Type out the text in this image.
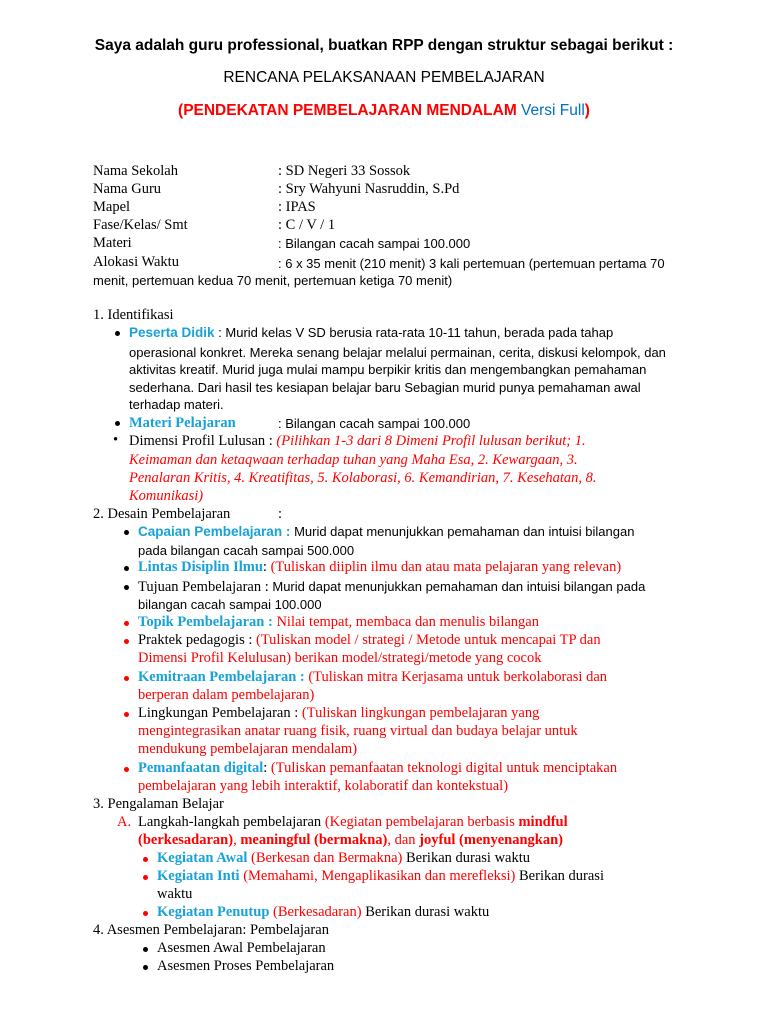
Saya adalah guru professional, buatkan RPP dengan struktur sebagai berikut :
RENCANA PELAKSANAAN PEMBELAJARAN
(PENDEKATAN PEMBELAJARAN MENDALAM Versi Full)
Nama Sekolah	: SD Negeri 33 Sossok
Nama Guru	: Sry Wahyuni Nasruddin, S.Pd
Mapel	: IPAS
Fase/Kelas/ Smt	: C / V / 1
Materi	: Bilangan cacah sampai 100.000
Alokasi Waktu	: 6 x 35 menit (210 menit) 3 kali pertemuan (pertemuan pertama 70
menit, pertemuan kedua 70 menit, pertemuan ketiga 70 menit)
1. Identifikasi
Peserta Didik : Murid kelas V SD berusia rata-rata 10-11 tahun, berada pada tahap
operasional konkret. Mereka senang belajar melalui permainan, cerita, diskusi kelompok, dan
aktivitas kreatif. Murid juga mulai mampu berpikir kritis dan mengembangkan pemahaman
sederhana. Dari hasil tes kesiapan belajar baru Sebagian murid punya pemahaman awal
terhadap materi.
Materi Pelajaran	: Bilangan cacah sampai 100.000
• Dimensi Profil Lulusan : (Pilihkan 1-3 dari 8 Dimeni Profil lulusan berikut; 1.
Keimaman dan ketaqwaan terhadap tuhan yang Maha Esa, 2. Kewargaan, 3.
Penalaran Kritis, 4. Kreatifitas, 5. Kolaborasi, 6. Kemandirian, 7. Kesehatan, 8.
Komunikasi)
2. Desain Pembelajaran	:
Capaian Pembelajaran : Murid dapat menunjukkan pemahaman dan intuisi bilangan
pada bilangan cacah sampai 500.000
Lintas Disiplin Ilmu: (Tuliskan diiplin ilmu dan atau mata pelajaran yang relevan)
Tujuan Pembelajaran : Murid dapat menunjukkan pemahaman dan intuisi bilangan pada
bilangan cacah sampai 100.000
Topik Pembelajaran : Nilai tempat, membaca dan menulis bilangan
Praktek pedagogis : (Tuliskan model / strategi / Metode untuk mencapai TP dan
Dimensi Profil Kelulusan) berikan model/strategi/metode yang cocok
Kemitraan Pembelajaran : (Tuliskan mitra Kerjasama untuk berkolaborasi dan
berperan dalam pembelajaran)
Lingkungan Pembelajaran : (Tuliskan lingkungan pembelajaran yang
mengintegrasikan anatar ruang fisik, ruang virtual dan budaya belajar untuk
mendukung pembelajaran mendalam)
Pemanfaatan digital: (Tuliskan pemanfaatan teknologi digital untuk menciptakan
pembelajaran yang lebih interaktif, kolaboratif dan kontekstual)
3. Pengalaman Belajar
A. Langkah-langkah pembelajaran (Kegiatan pembelajaran berbasis mindful
(berkesadaran), meaningful (bermakna), dan joyful (menyenangkan)
Kegiatan Awal (Berkesan dan Bermakna) Berikan durasi waktu
Kegiatan Inti (Memahami, Mengaplikasikan dan merefleksi) Berikan durasi
waktu
Kegiatan Penutup (Berkesadaran) Berikan durasi waktu
4. Asesmen Pembelajaran: Pembelajaran
Asesmen Awal Pembelajaran
Asesmen Proses Pembelajaran
